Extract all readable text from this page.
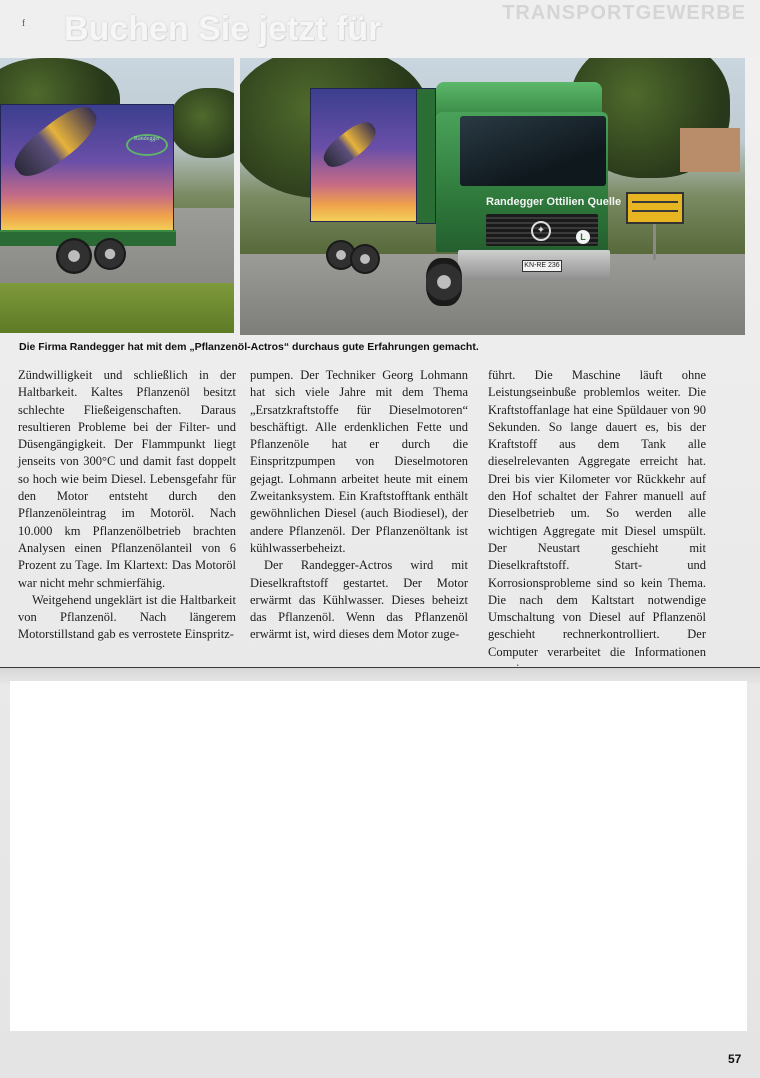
f	TRANSPORTGEWERBE
Buchen Sie jetzt für
Randegger
Randegger Ottilien Quelle
✦
L
KN-RE 236
Die Firma Randegger hat mit dem „Pflanzenöl-Actros“ durchaus gute Erfahrungen gemacht.

Zündwilligkeit und schließlich in der Haltbarkeit. Kaltes Pflanzenöl besitzt schlechte Fließeigenschaften. Daraus resultieren Probleme bei der Filter- und Düsengängigkeit. Der Flammpunkt liegt jenseits von 300°C und damit fast doppelt so hoch wie beim Diesel. Lebensgefahr für den Motor entsteht durch den Pflanzenöleintrag im Motoröl. Nach 10.000 km Pflanzenölbetrieb brachten Analysen einen Pflanzenölanteil von 6 Prozent zu Tage. Im Klartext: Das Motoröl war nicht mehr schmierfähig.

Weitgehend ungeklärt ist die Haltbarkeit von Pflanzenöl. Nach längerem Motorstillstand gab es verrostete Einspritz-

pumpen. Der Techniker Georg Lohmann hat sich viele Jahre mit dem Thema „Ersatzkraftstoffe für Dieselmotoren“ beschäftigt. Alle erdenklichen Fette und Pflanzenöle hat er durch die Einspritzpumpen von Dieselmotoren gejagt. Lohmann arbeitet heute mit einem Zweitanksystem. Ein Kraftstofftank enthält gewöhnlichen Diesel (auch Biodiesel), der andere Pflanzenöl. Der Pflanzenöltank ist kühlwasserbeheizt.

Der Randegger-Actros wird mit Dieselkraftstoff gestartet. Der Motor erwärmt das Kühlwasser. Dieses beheizt das Pflanzenöl. Wenn das Pflanzenöl erwärmt ist, wird dieses dem Motor zuge-

führt. Die Maschine läuft ohne Leistungseinbuße problemlos weiter. Die Kraftstoffanlage hat eine Spüldauer von 90 Sekunden. So lange dauert es, bis der Kraftstoff aus dem Tank alle dieselrelevanten Aggregate erreicht hat. Drei bis vier Kilometer vor Rückkehr auf den Hof schaltet der Fahrer manuell auf Dieselbetrieb um. So werden alle wichtigen Aggregate mit Diesel umspült. Der Neustart geschieht mit Dieselkraftstoff. Start- und Korrosionsprobleme sind so kein Thema. Die nach dem Kaltstart notwendige Umschaltung von Diesel auf Pflanzenöl geschieht rechnerkontrolliert. Der Computer verarbeitet die Informationen

57
